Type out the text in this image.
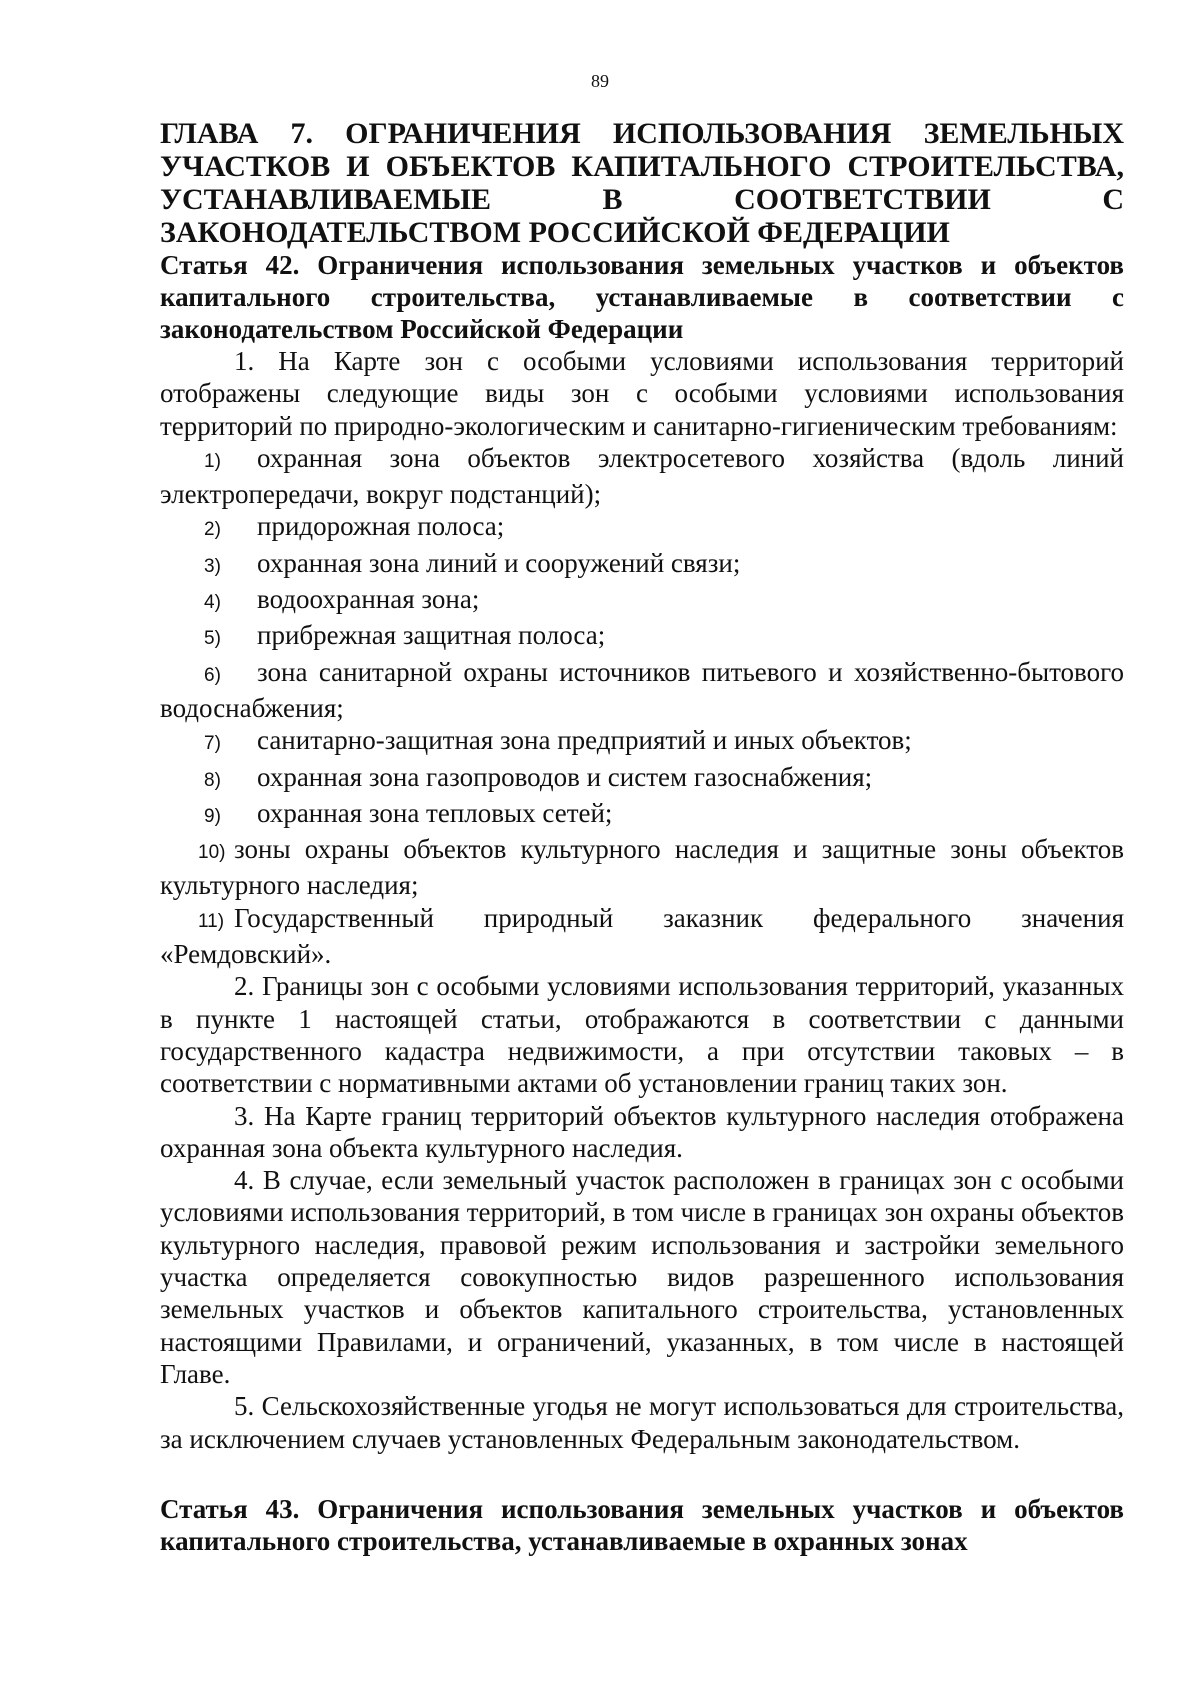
89
ГЛАВА 7. ОГРАНИЧЕНИЯ ИСПОЛЬЗОВАНИЯ ЗЕМЕЛЬНЫХ УЧАСТКОВ И ОБЪЕКТОВ КАПИТАЛЬНОГО СТРОИТЕЛЬСТВА, УСТАНАВЛИВАЕМЫЕ В СООТВЕТСТВИИ С ЗАКОНОДАТЕЛЬСТВОМ РОССИЙСКОЙ ФЕДЕРАЦИИ
Статья 42. Ограничения использования земельных участков и объектов капитального строительства, устанавливаемые в соответствии с законодательством Российской Федерации

1. На Карте зон с особыми условиями использования территорий отображены следующие виды зон с особыми условиями использования территорий по природно-экологическим и санитарно-гигиеническим требованиям:

1) охранная зона объектов электросетевого хозяйства (вдоль линий электропередачи, вокруг подстанций);

2) придорожная полоса;

3) охранная зона линий и сооружений связи;

4) водоохранная зона;

5) прибрежная защитная полоса;

6) зона санитарной охраны источников питьевого и хозяйственно-бытового водоснабжения;

7) санитарно-защитная зона предприятий и иных объектов;

8) охранная зона газопроводов и систем газоснабжения;

9) охранная зона тепловых сетей;

10) зоны охраны объектов культурного наследия и защитные зоны объектов культурного наследия;

11) Государственный природный заказник федерального значения «Ремдовский».

2. Границы зон с особыми условиями использования территорий, указанных в пункте 1 настоящей статьи, отображаются в соответствии с данными государственного кадастра недвижимости, а при отсутствии таковых – в соответствии с нормативными актами об установлении границ таких зон.

3. На Карте границ территорий объектов культурного наследия отображена охранная зона объекта культурного наследия.

4. В случае, если земельный участок расположен в границах зон с особыми условиями использования территорий, в том числе в границах зон охраны объектов культурного наследия, правовой режим использования и застройки земельного участка определяется совокупностью видов разрешенного использования земельных участков и объектов капитального строительства, установленных настоящими Правилами, и ограничений, указанных, в том числе в настоящей Главе.

5. Сельскохозяйственные угодья не могут использоваться для строительства, за исключением случаев установленных Федеральным законодательством.

Статья 43. Ограничения использования земельных участков и объектов капитального строительства, устанавливаемые в охранных зонах
